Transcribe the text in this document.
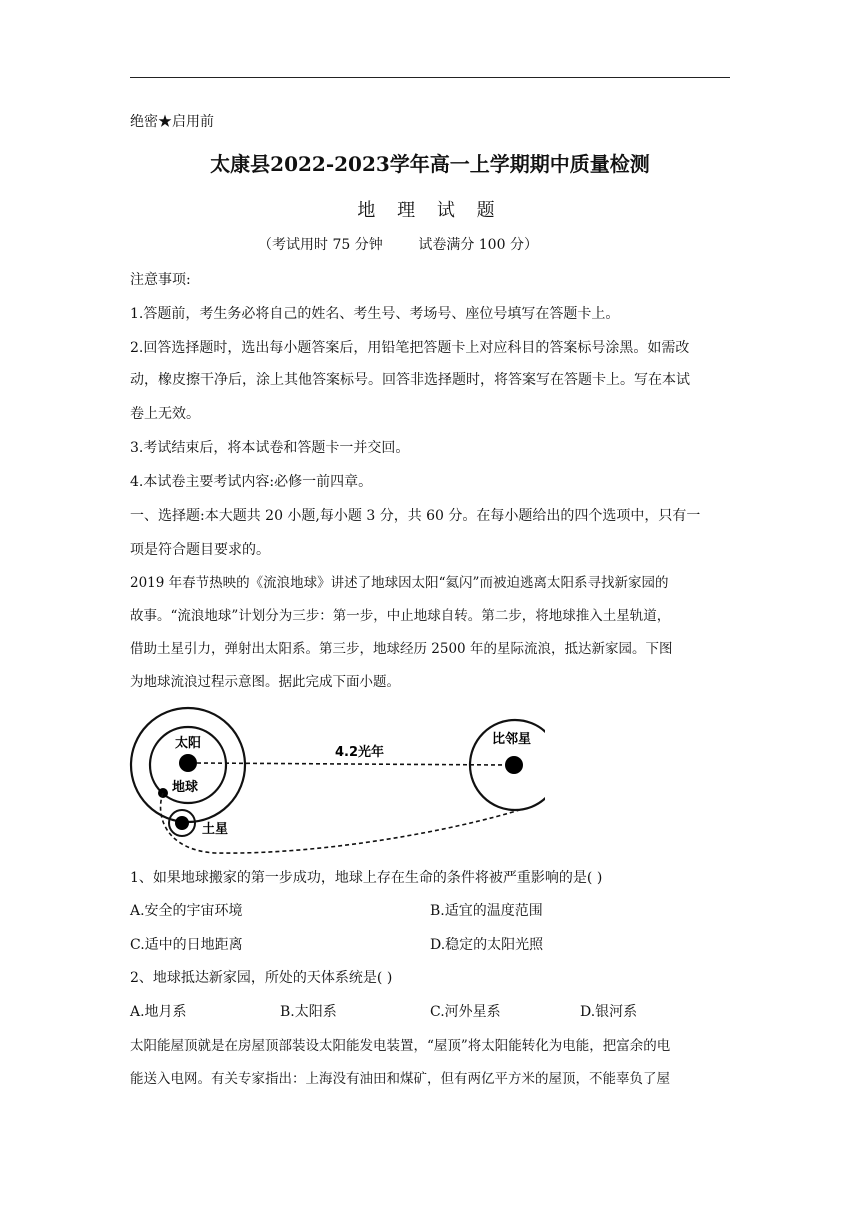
绝密★启用前
太康县2022-2023学年高一上学期期中质量检测
地 理 试 题
（考试用时 75 分钟        试卷满分 100 分）
注意事项:
1.答题前，考生务必将自己的姓名、考生号、考场号、座位号填写在答题卡上。
2.回答选择题时，选出每小题答案后，用铅笔把答题卡上对应科目的答案标号涂黑。如需改
动，橡皮擦干净后，涂上其他答案标号。回答非选择题时，将答案写在答题卡上。写在本试
卷上无效。
3.考试结束后，将本试卷和答题卡一并交回。
4.本试卷主要考试内容:必修一前四章。
一、选择题:本大题共 20 小题,每小题 3 分，共 60 分。在每小题给出的四个选项中，只有一
项是符合题目要求的。
2019 年春节热映的《流浪地球》讲述了地球因太阳“氦闪”而被迫逃离太阳系寻找新家园的
故事。“流浪地球”计划分为三步：第一步，中止地球自转。第二步，将地球推入土星轨道，
借助土星引力，弹射出太阳系。第三步，地球经历 2500 年的星际流浪，抵达新家园。下图
为地球流浪过程示意图。据此完成下面小题。
太阳
地球
土星
比邻星
4.2光年
1、如果地球搬家的第一步成功，地球上存在生命的条件将被严重影响的是( )
A.安全的宇宙环境	B.适宜的温度范围
C.适中的日地距离	D.稳定的太阳光照
2、地球抵达新家园，所处的天体系统是( )
A.地月系	B.太阳系	C.河外星系	D.银河系
太阳能屋顶就是在房屋顶部装设太阳能发电装置，“屋顶”将太阳能转化为电能，把富余的电
能送入电网。有关专家指出：上海没有油田和煤矿，但有两亿平方米的屋顶，不能辜负了屋
